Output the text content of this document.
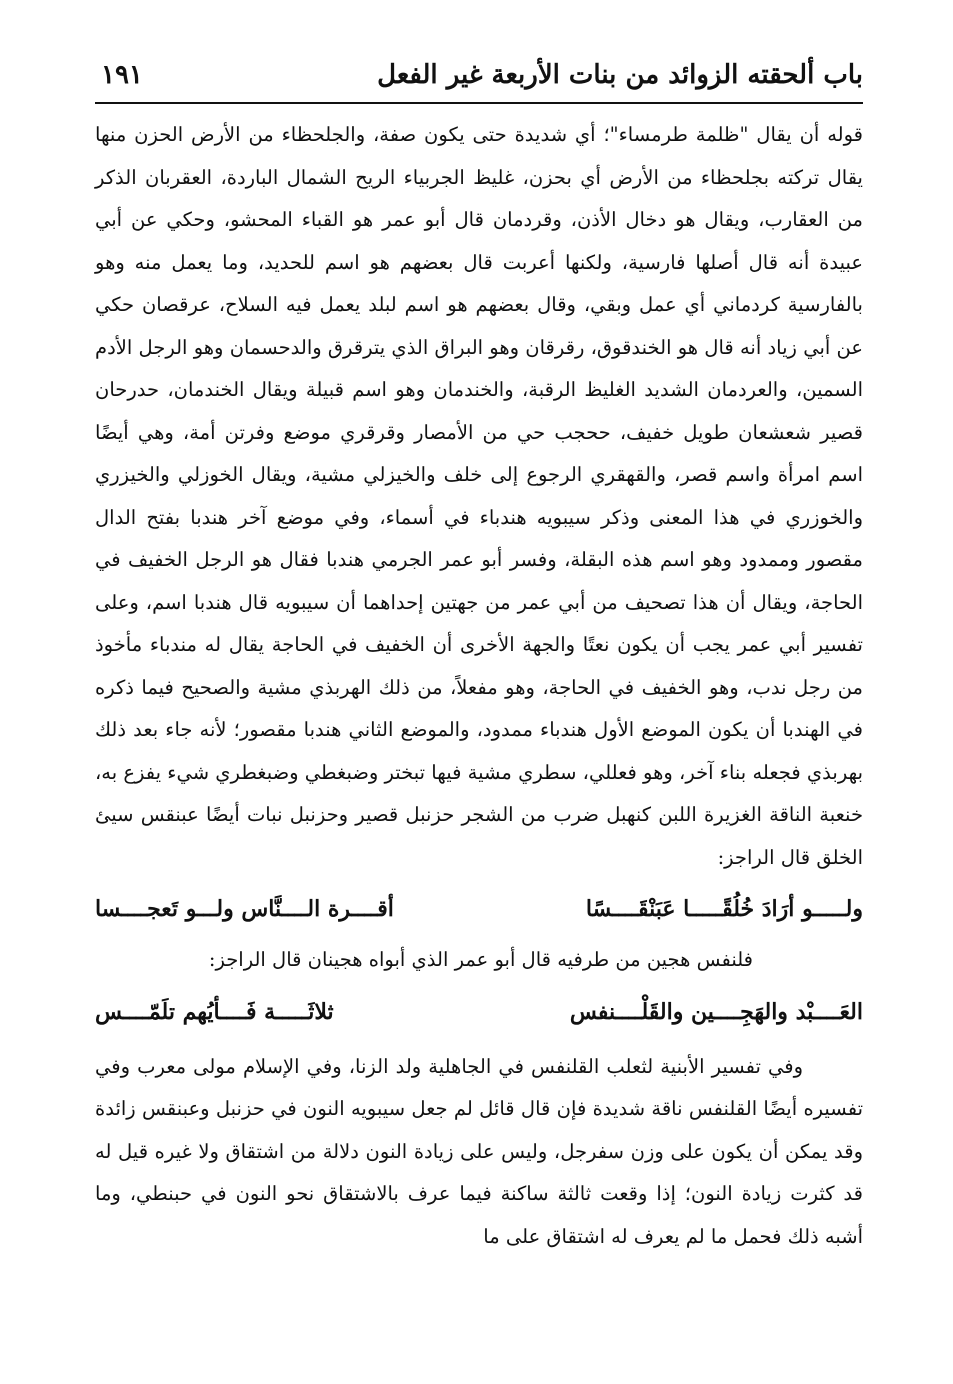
باب ألحقته الزوائد من بنات الأربعة غير الفعل
١٩١

قوله أن يقال "ظلمة طرمساء"؛ أي شديدة حتى يكون صفة، والجلحظاء من الأرض الحزن منها يقال تركته بجلحظاء من الأرض أي بحزن، غليظ الجربياء الريح الشمال الباردة، العقربان الذكر من العقارب، ويقال هو دخال الأذن، وقردمان قال أبو عمر هو القباء المحشو، وحكي عن أبي عبيدة أنه قال أصلها فارسية، ولكنها أعربت قال بعضهم هو اسم للحديد، وما يعمل منه وهو بالفارسية كردماني أي عمل وبقي، وقال بعضهم هو اسم لبلد يعمل فيه السلاح، عرقصان حكي عن أبي زياد أنه قال هو الخندقوق، رقرقان وهو البراق الذي يترقرق والدحسمان وهو الرجل الأدم السمين، والعردمان الشديد الغليظ الرقبة، والخندمان وهو اسم قبيلة ويقال الخندمان، حدرحان قصير شعشعان طويل خفيف، ححجب حي من الأمصار وقرقري موضع وفرتن أمة، وهي أيضًا اسم امرأة واسم قصر، والقهقري الرجوع إلى خلف والخيزلي مشية، ويقال الخوزلي والخيزري والخوزري في هذا المعنى وذكر سيبويه هندباء في أسماء، وفي موضع آخر هندبا بفتح الدال مقصور وممدود وهو اسم هذه البقلة، وفسر أبو عمر الجرمي هندبا فقال هو الرجل الخفيف في الحاجة، ويقال أن هذا تصحيف من أبي عمر من جهتين إحداهما أن سيبويه قال هندبا اسم، وعلى تفسير أبي عمر يجب أن يكون نعتًا والجهة الأخرى أن الخفيف في الحاجة يقال له مندباء مأخوذ من رجل ندب، وهو الخفيف في الحاجة، وهو مفعلاً، من ذلك الهربذي مشية والصحيح فيما ذكره في الهندبا أن يكون الموضع الأول هندباء ممدود، والموضع الثاني هندبا مقصور؛ لأنه جاء بعد ذلك بهربذي فجعله بناء آخر، وهو فعللي، سطري مشية فيها تبختر وضبغطي وضبغطري شيء يفزع به، خنعبة الناقة الغزيرة اللبن كنهبل ضرب من الشجر حزنبل قصير وحزنبل نبات أيضًا عبنقس سيئ الخلق قال الراجز:

ولـــــو أرَادَ خُلُقًـــــا عَبَنْقَــــسًا
أقــــرة الــــنَّاس ولـــو تَعجــــسا

فلنفس هجين من طرفيه قال أبو عمر الذي أبواه هجينان قال الراجز:

العَــــبْد والهَجِــــين والقَلْــــنفس
ثلاثَـــــة فَــــأيُهم تلَمّــــس

وفي تفسير الأبنية لثعلب القلنفس في الجاهلية ولد الزنا، وفي الإسلام مولى معرب وفي تفسيره أيضًا القلنفس ناقة شديدة فإن قال قائل لم جعل سيبويه النون في حزنبل وعبنقس زائدة وقد يمكن أن يكون على وزن سفرجل، وليس على زيادة النون دلالة من اشتقاق ولا غيره قيل له قد كثرت زيادة النون؛ إذا وقعت ثالثة ساكنة فيما عرف بالاشتقاق نحو النون في حبنطي، وما أشبه ذلك فحمل ما لم يعرف له اشتقاق على ما
